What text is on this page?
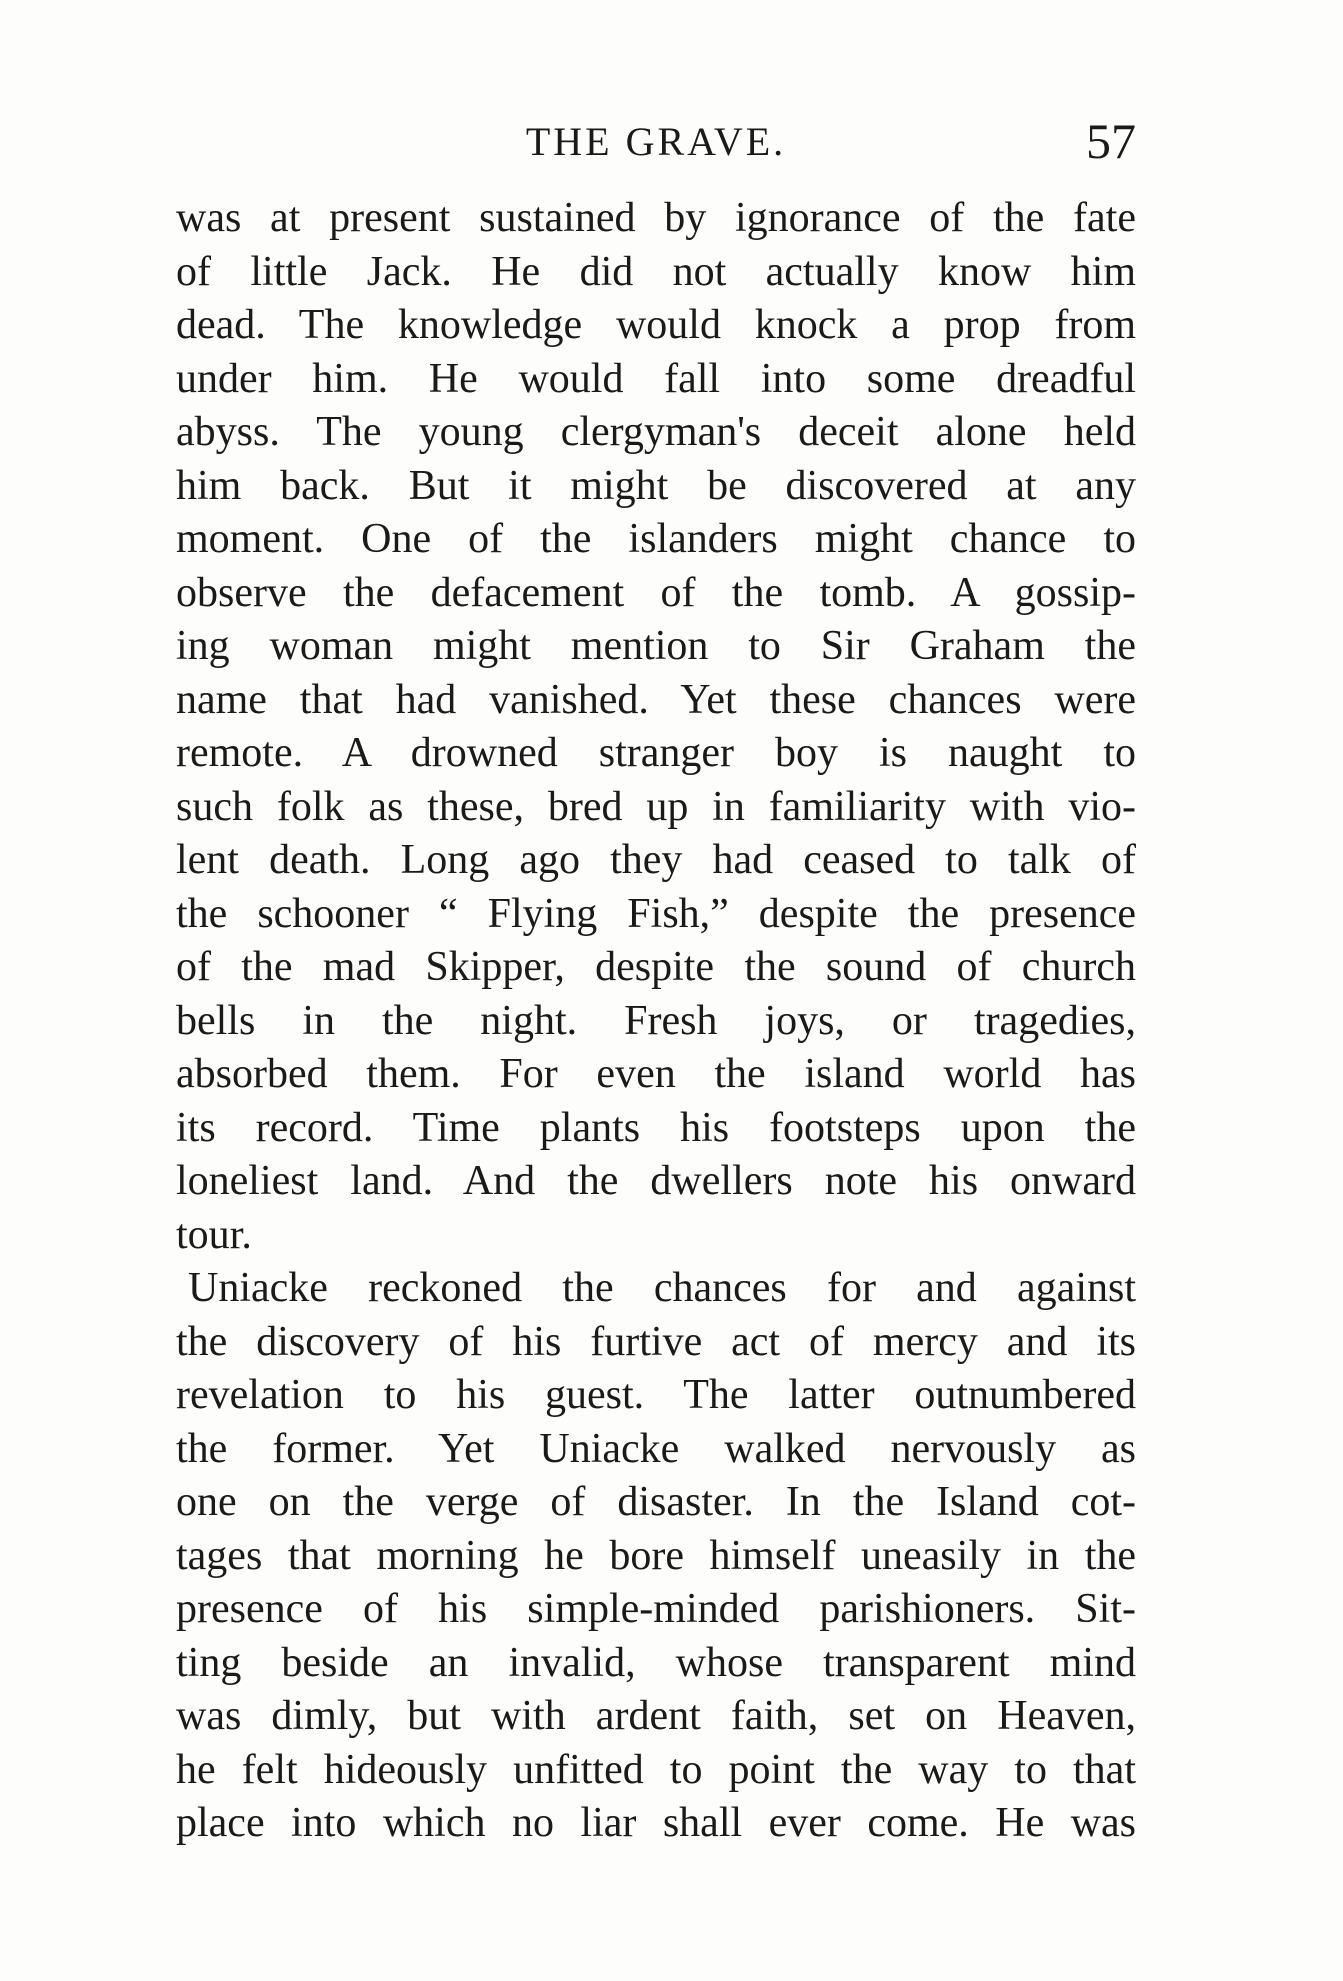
THE GRAVE.	57
was at present sustained by ignorance of the fate
of little Jack. He did not actually know him
dead. The knowledge would knock a prop from
under him. He would fall into some dreadful
abyss. The young clergyman's deceit alone held
him back. But it might be discovered at any
moment. One of the islanders might chance to
observe the defacement of the tomb. A gossip-
ing woman might mention to Sir Graham the
name that had vanished. Yet these chances were
remote. A drowned stranger boy is naught to
such folk as these, bred up in familiarity with vio-
lent death. Long ago they had ceased to talk of
the schooner “ Flying Fish,” despite the presence
of the mad Skipper, despite the sound of church
bells in the night. Fresh joys, or tragedies,
absorbed them. For even the island world has
its record. Time plants his footsteps upon the
loneliest land. And the dwellers note his onward
tour.
Uniacke reckoned the chances for and against
the discovery of his furtive act of mercy and its
revelation to his guest. The latter outnumbered
the former. Yet Uniacke walked nervously as
one on the verge of disaster. In the Island cot-
tages that morning he bore himself uneasily in the
presence of his simple-minded parishioners. Sit-
ting beside an invalid, whose transparent mind
was dimly, but with ardent faith, set on Heaven,
he felt hideously unfitted to point the way to that
place into which no liar shall ever come. He was
